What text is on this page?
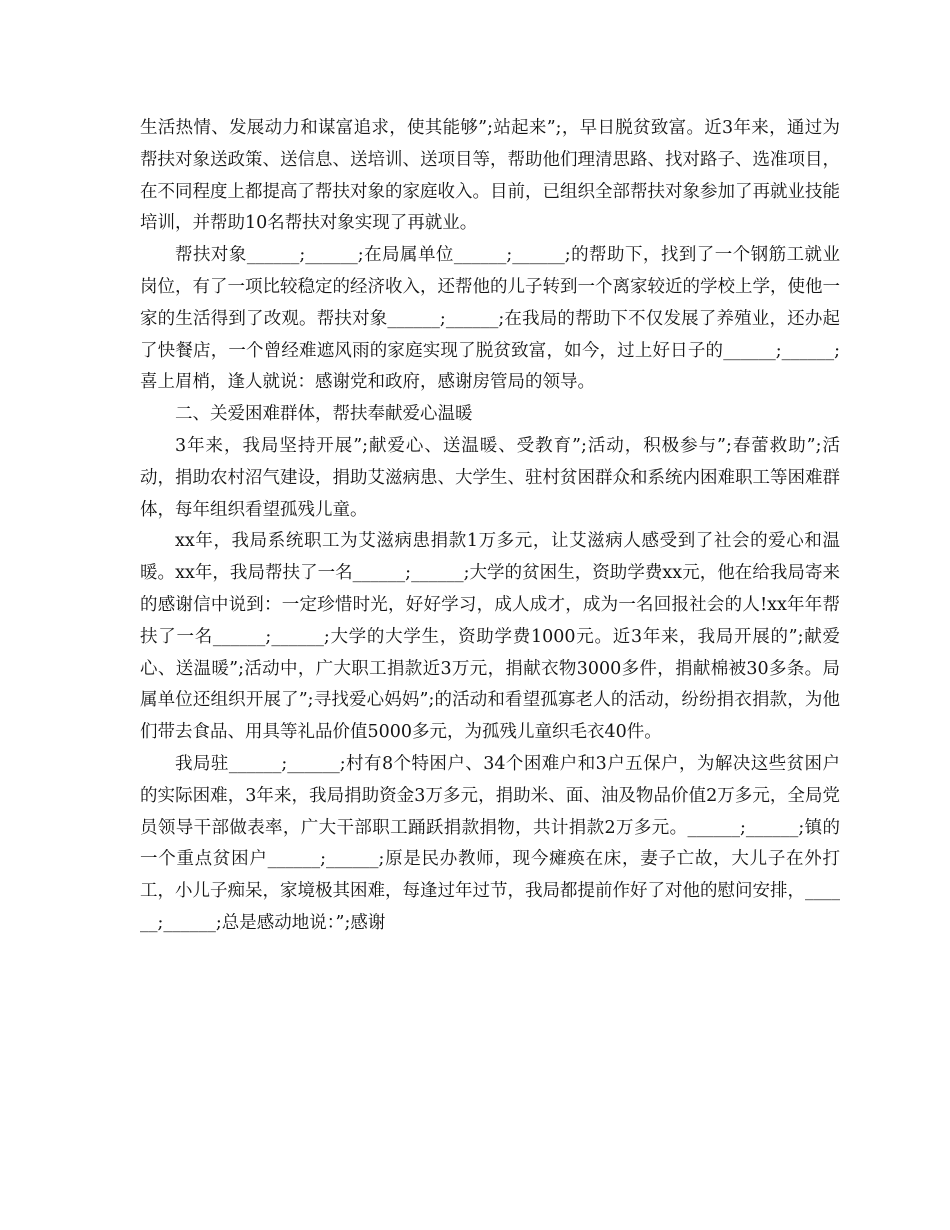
生活热情、发展动力和谋富追求，使其能够”;站起来”;，早日脱贫致富。近3年来，通过为帮扶对象送政策、送信息、送培训、送项目等，帮助他们理清思路、找对路子、选准项目，在不同程度上都提高了帮扶对象的家庭收入。目前，已组织全部帮扶对象参加了再就业技能培训，并帮助10名帮扶对象实现了再就业。

帮扶对象______;______;在局属单位______;______;的帮助下，找到了一个钢筋工就业岗位，有了一项比较稳定的经济收入，还帮他的儿子转到一个离家较近的学校上学，使他一家的生活得到了改观。帮扶对象______;______;在我局的帮助下不仅发展了养殖业，还办起了快餐店，一个曾经难遮风雨的家庭实现了脱贫致富，如今，过上好日子的______;______;喜上眉梢，逢人就说：感谢党和政府，感谢房管局的领导。

二、关爱困难群体，帮扶奉献爱心温暖

3年来，我局坚持开展”;献爱心、送温暖、受教育”;活动，积极参与”;春蕾救助”;活动，捐助农村沼气建设，捐助艾滋病患、大学生、驻村贫困群众和系统内困难职工等困难群体，每年组织看望孤残儿童。

xx年，我局系统职工为艾滋病患捐款1万多元，让艾滋病人感受到了社会的爱心和温暖。xx年，我局帮扶了一名______;______;大学的贫困生，资助学费xx元，他在给我局寄来的感谢信中说到：一定珍惜时光，好好学习，成人成才，成为一名回报社会的人!xx年年帮扶了一名______;______;大学的大学生，资助学费1000元。近3年来，我局开展的”;献爱心、送温暖”;活动中，广大职工捐款近3万元，捐献衣物3000多件，捐献棉被30多条。局属单位还组织开展了”;寻找爱心妈妈”;的活动和看望孤寡老人的活动，纷纷捐衣捐款，为他们带去食品、用具等礼品价值5000多元，为孤残儿童织毛衣40件。

我局驻______;______;村有8个特困户、34个困难户和3户五保户，为解决这些贫困户的实际困难，3年来，我局捐助资金3万多元，捐助米、面、油及物品价值2万多元，全局党员领导干部做表率，广大干部职工踊跃捐款捐物，共计捐款2万多元。______;______;镇的一个重点贫困户______;______;原是民办教师，现今瘫痪在床，妻子亡故，大儿子在外打工，小儿子痴呆，家境极其困难，每逢过年过节，我局都提前作好了对他的慰问安排，______;______;总是感动地说：”;感谢
